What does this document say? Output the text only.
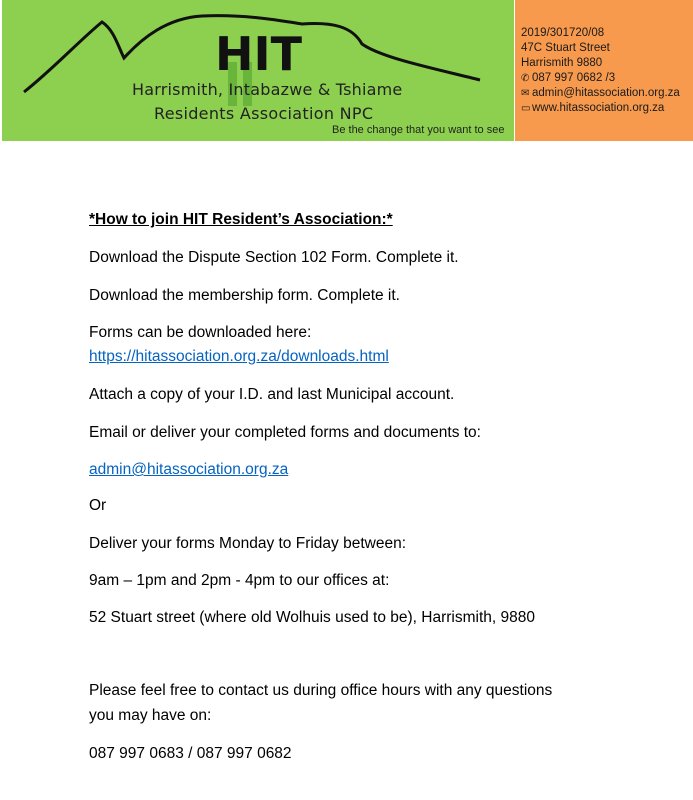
HIT
Harrismith, Intabazwe & Tshiame
Residents Association NPC
Be the change that you want to see
2019/301720/08
47C Stuart Street
Harrismith 9880
✆ 087 997 0682 /3
✉ admin@hitassociation.org.za
▭ www.hitassociation.org.za
*How to join HIT Resident’s Association:*
Download the Dispute Section 102 Form. Complete it.
Download the membership form. Complete it.
Forms can be downloaded here:
https://hitassociation.org.za/downloads.html
Attach a copy of your I.D. and last Municipal account.
Email or deliver your completed forms and documents to:
admin@hitassociation.org.za
Or
Deliver your forms Monday to Friday between:
9am – 1pm and 2pm - 4pm to our offices at:
52 Stuart street (where old Wolhuis used to be), Harrismith, 9880
Please feel free to contact us during office hours with any questions
you may have on:
087 997 0683 / 087 997 0682
